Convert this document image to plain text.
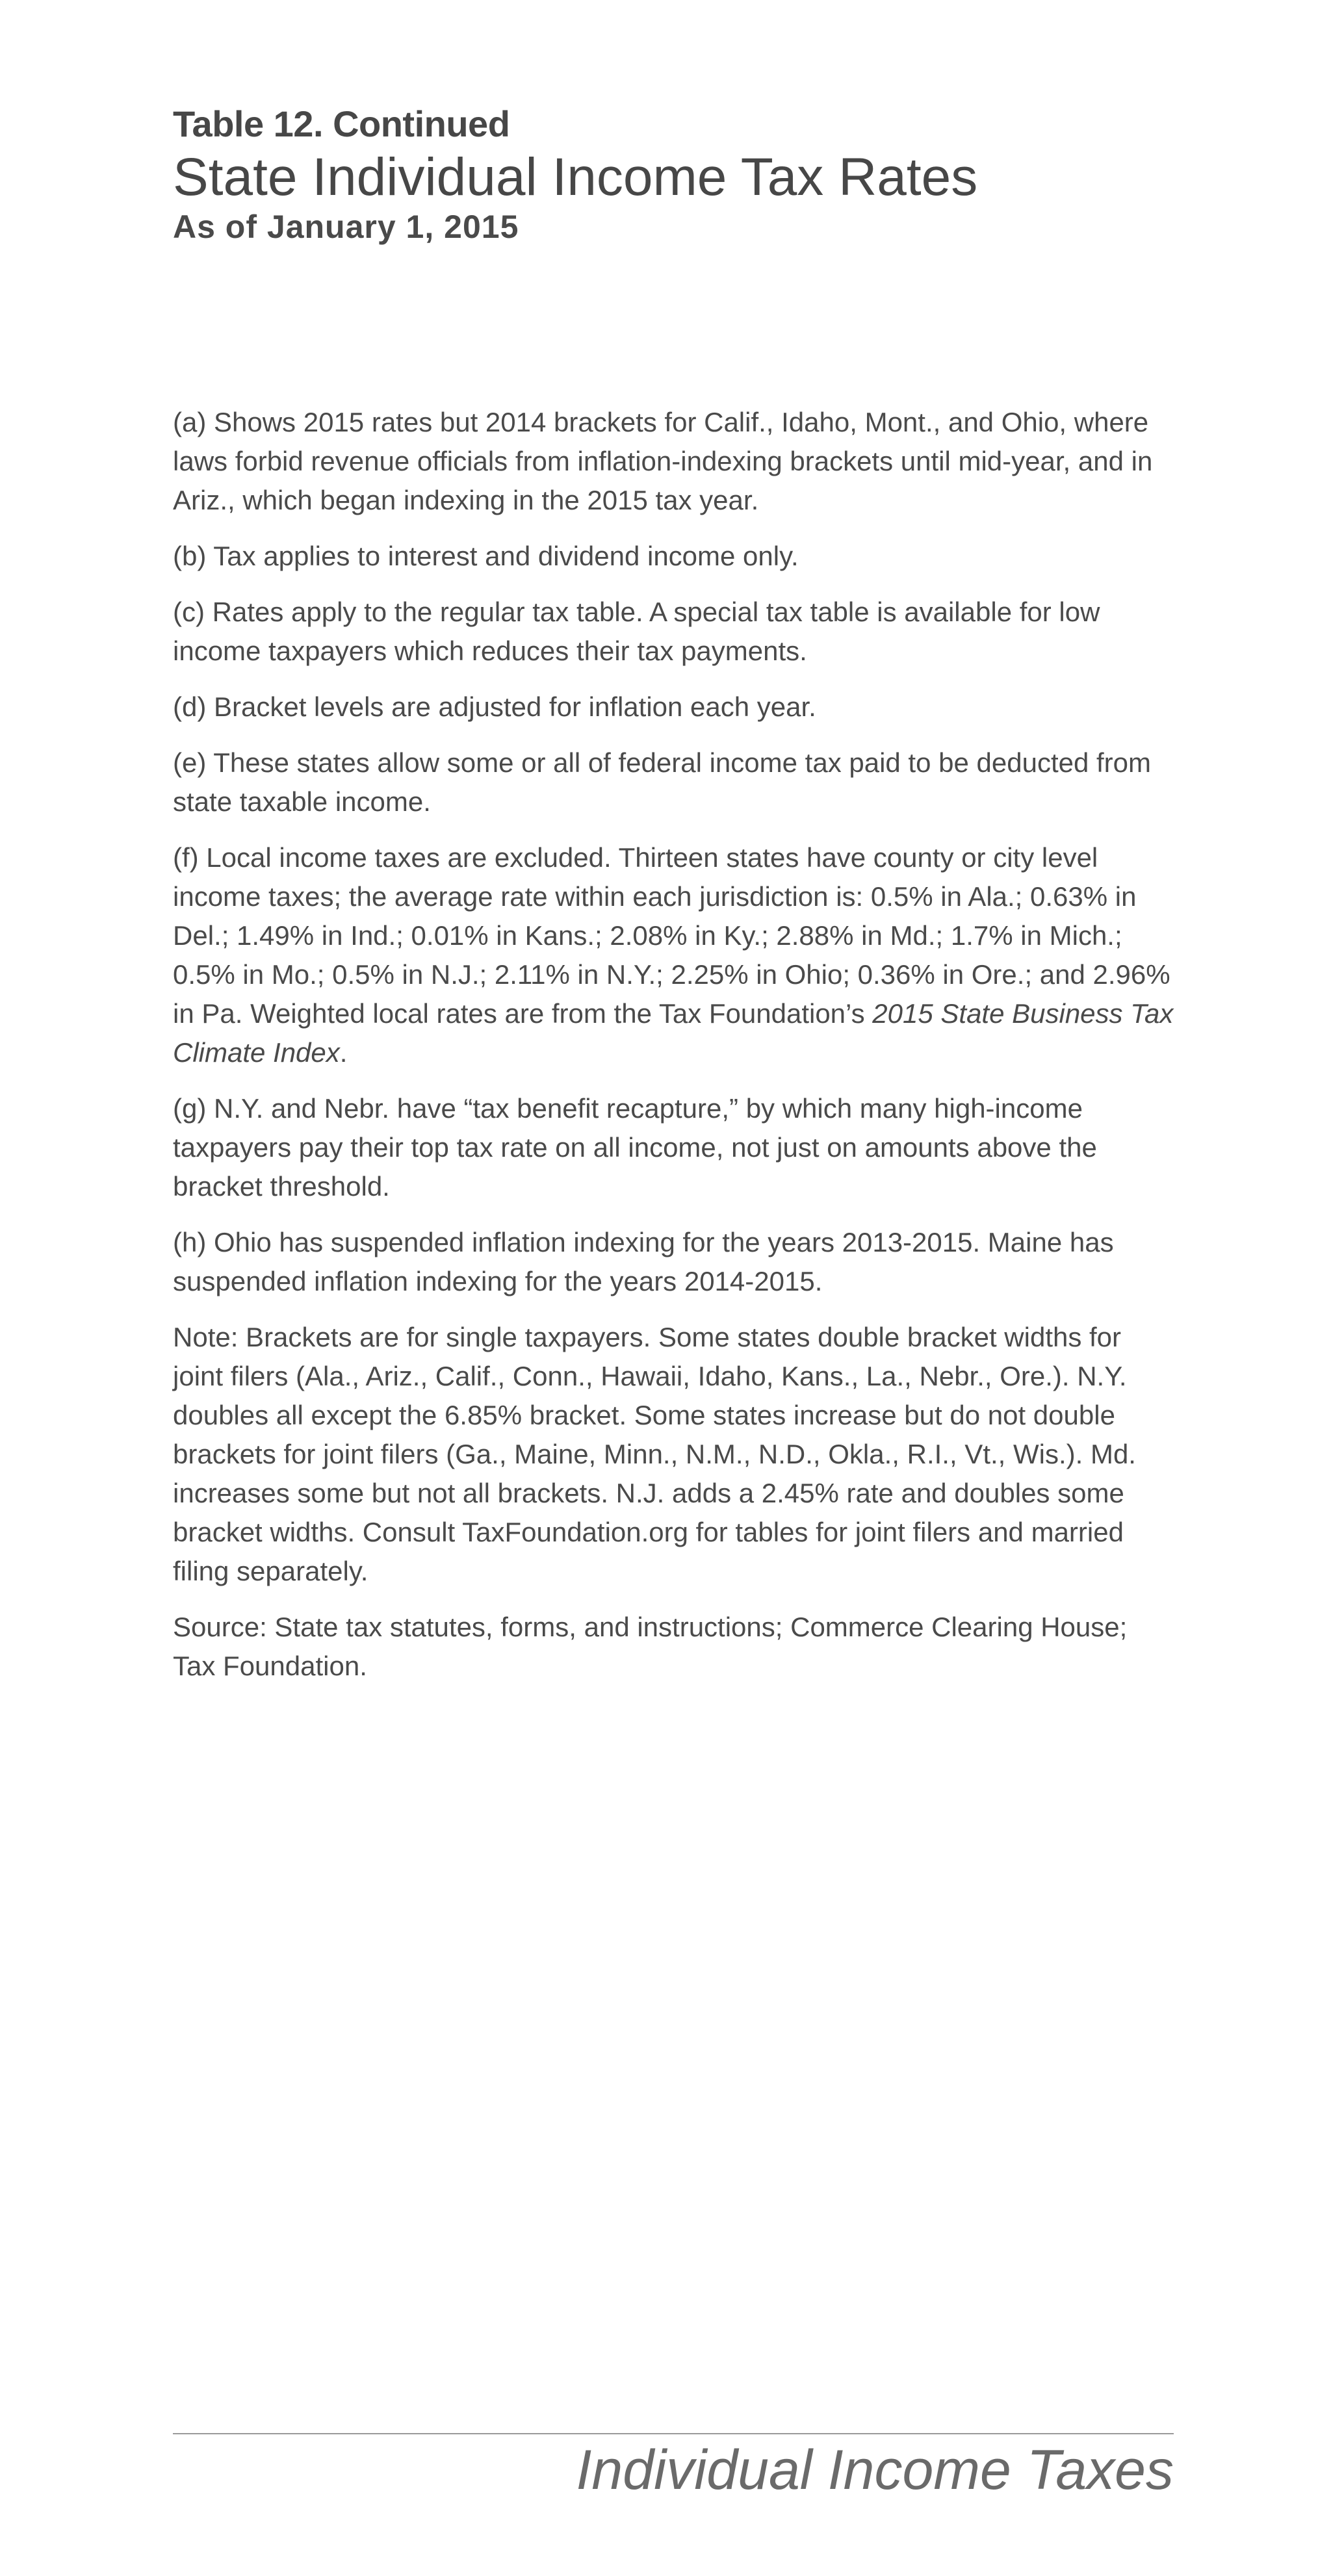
Table 12. Continued
State Individual Income Tax Rates
As of January 1, 2015

(a) Shows 2015 rates but 2014 brackets for Calif., Idaho, Mont., and Ohio, where laws forbid revenue officials from inflation-indexing brackets until mid-year, and in Ariz., which began indexing in the 2015 tax year.

(b) Tax applies to interest and dividend income only.

(c) Rates apply to the regular tax table. A special tax table is available for low income taxpayers which reduces their tax payments.

(d) Bracket levels are adjusted for inflation each year.

(e) These states allow some or all of federal income tax paid to be deducted from state taxable income.

(f) Local income taxes are excluded. Thirteen states have county or city level income taxes; the average rate within each jurisdiction is: 0.5% in Ala.; 0.63% in Del.; 1.49% in Ind.; 0.01% in Kans.; 2.08% in Ky.; 2.88% in Md.; 1.7% in Mich.; 0.5% in Mo.; 0.5% in N.J.; 2.11% in N.Y.; 2.25% in Ohio; 0.36% in Ore.; and 2.96% in Pa. Weighted local rates are from the Tax Foundation’s 2015 State Business Tax Climate Index.

(g) N.Y. and Nebr. have “tax benefit recapture,” by which many high-income taxpayers pay their top tax rate on all income, not just on amounts above the bracket threshold.

(h) Ohio has suspended inflation indexing for the years 2013-2015. Maine has suspended inflation indexing for the years 2014-2015.

Note: Brackets are for single taxpayers. Some states double bracket widths for joint filers (Ala., Ariz., Calif., Conn., Hawaii, Idaho, Kans., La., Nebr., Ore.). N.Y. doubles all except the 6.85% bracket. Some states increase but do not double brackets for joint filers (Ga., Maine, Minn., N.M., N.D., Okla., R.I., Vt., Wis.). Md. increases some but not all brackets. N.J. adds a 2.45% rate and doubles some bracket widths. Consult TaxFoundation.org for tables for joint filers and married filing separately.

Source: State tax statutes, forms, and instructions; Commerce Clearing House; Tax Foundation.

Individual Income Taxes
